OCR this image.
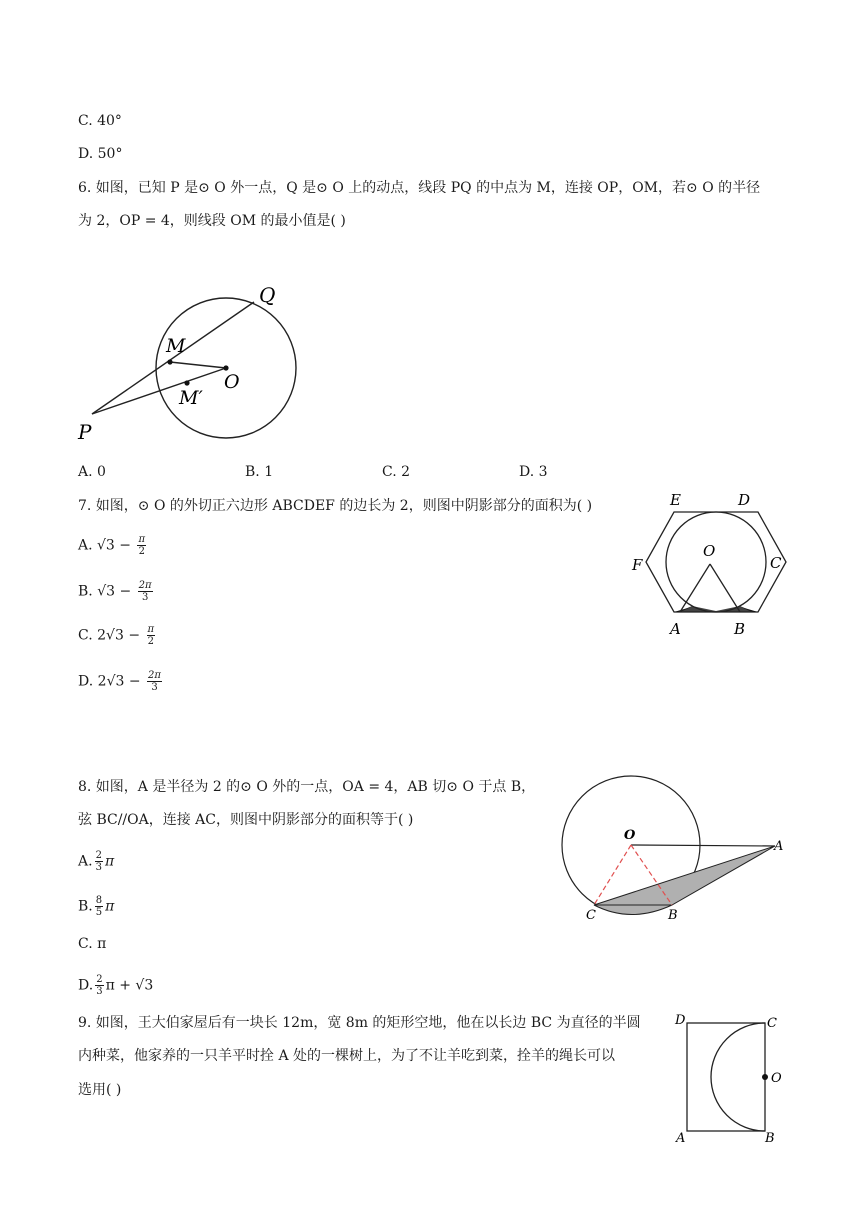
C. 40°
D. 50°
6. 如图，已知 P 是⊙ O 外一点，Q 是⊙ O 上的动点，线段 PQ 的中点为 M，连接 OP，OM，若⊙ O 的半径
为 2，OP = 4，则线段 OM 的最小值是( )
Q
M
O
M′
P
A. 0	B. 1	C. 2	D. 3
7. 如图，⊙ O 的外切正六边形 ABCDEF 的边长为 2，则图中阴影部分的面积为( )
A. $√3 - \frac{\pi}{2}$
B. $√3 - \frac{2\pi}{3}$
C. $2√3 - \frac{\pi}{2}$
D. $2√3 - \frac{2\pi}{3}$
E	D
F	C
O
A	B
8. 如图，A 是半径为 2 的⊙ O 外的一点，OA = 4，AB 切⊙ O 于点 B，
弦 BC//OA，连接 AC，则图中阴影部分的面积等于( )
A. $\frac{2}{3}$ π
B. $\frac{8}{5}$ π
C. π
D. $\frac{2}{3}$ π + √3
O
A
C	B
9. 如图，王大伯家屋后有一块长 12m，宽 8m 的矩形空地，他在以长边 BC 为直径的半圆
内种菜，他家养的一只羊平时拴 A 处的一棵树上，为了不让羊吃到菜，拴羊的绳长可以
选用( )
D	C
O
A	B
